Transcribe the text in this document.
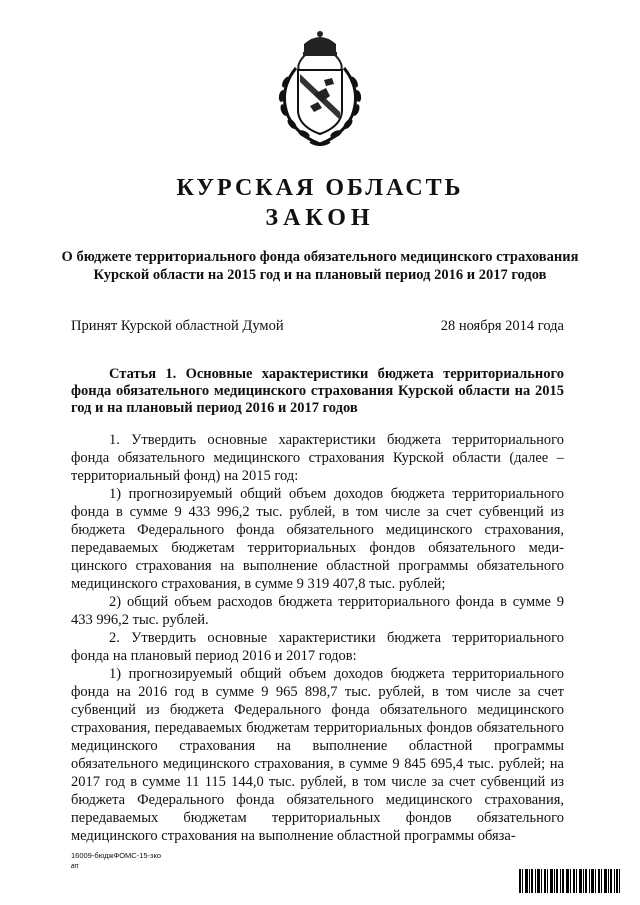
КУРСКАЯ ОБЛАСТЬ
ЗАКОН
О бюджете территориального фонда обязательного медицинского страхования Курской области на 2015 год и на плановый период 2016 и 2017 годов
Принят Курской областной Думой	28 ноября 2014 года
Статья 1. Основные характеристики бюджета территориального фонда обязательного медицинского страхования Курской области на 2015 год и на плановый период 2016 и 2017 годов

1. Утвердить основные характеристики бюджета территориального фонда обязательного медицинского страхования Курской области (далее – территориальный фонд) на 2015 год:

1) прогнозируемый общий объем доходов бюджета территориального фонда в сумме 9 433 996,2 тыс. рублей, в том числе за счет субвенций из бюджета Федерального фонда обязательного медицинского страхования, передаваемых бюджетам территориальных фондов обязательного медицинского страхования на выполнение областной программы обязательного медицинского страхования, в сумме 9 319 407,8 тыс. рублей;

2) общий объем расходов бюджета территориального фонда в сумме 9 433 996,2 тыс. рублей.

2. Утвердить основные характеристики бюджета территориального фонда на плановый период 2016 и 2017 годов:

1) прогнозируемый общий объем доходов бюджета территориального фонда на 2016 год в сумме 9 965 898,7 тыс. рублей, в том числе за счет субвенций из бюджета Федерального фонда обязательного медицинского страхования, передаваемых бюджетам территориальных фондов обязательного медицинского страхования на выполнение областной программы обязательного медицинского страхования, в сумме 9 845 695,4 тыс. рублей; на 2017 год в сумме 11 115 144,0 тыс. рублей, в том числе за счет субвенций из бюджета Федерального фонда обязательного медицинского страхования, передаваемых бюджетам территориальных фондов обязательного медицинского страхования на выполнение областной программы обяза-

16009-бюджФОМС-15-зко
вп
